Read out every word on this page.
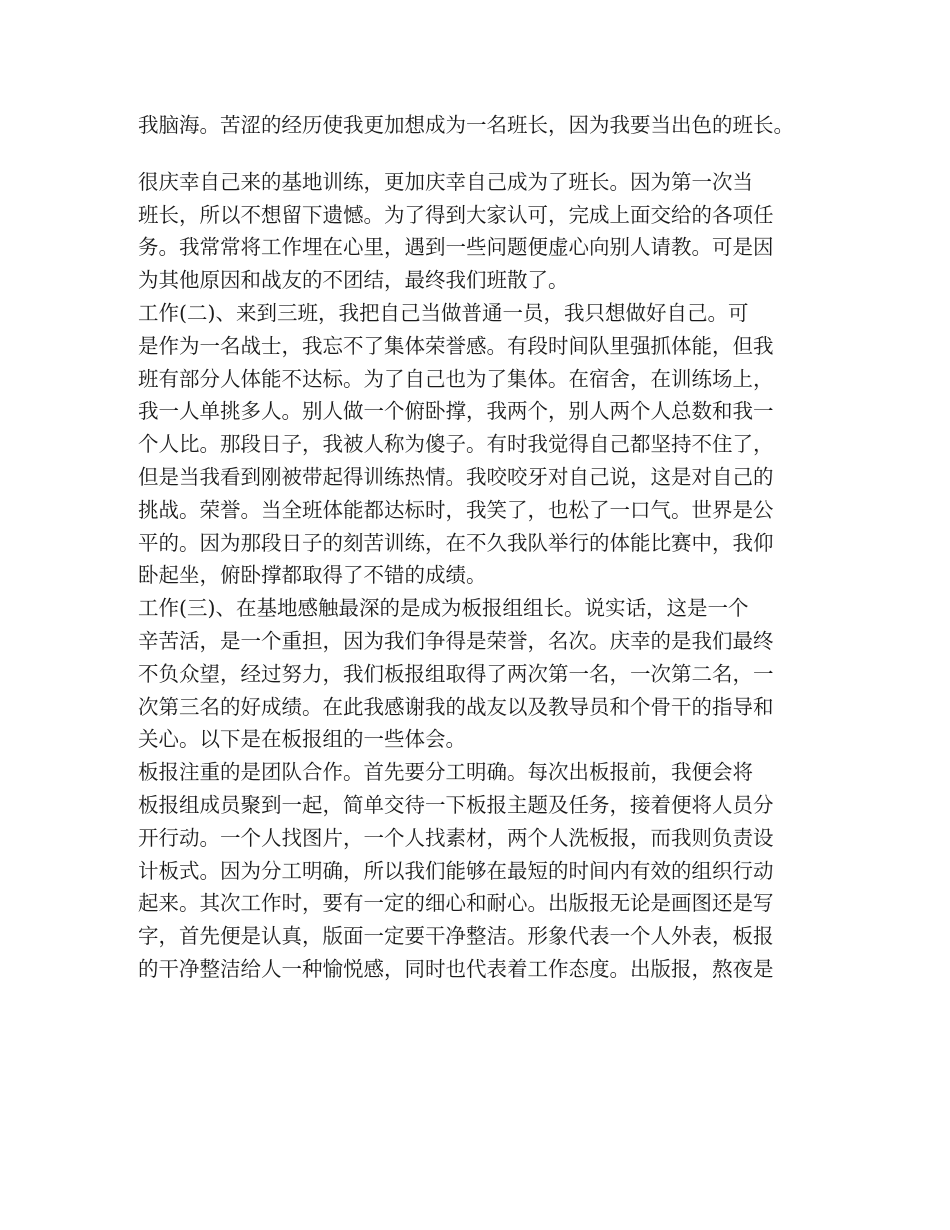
我脑海。苦涩的经历使我更加想成为一名班长，因为我要当出色的班长。
很庆幸自己来的基地训练，更加庆幸自己成为了班长。因为第一次当
班长，所以不想留下遗憾。为了得到大家认可，完成上面交给的各项任
务。我常常将工作埋在心里，遇到一些问题便虚心向别人请教。可是因
为其他原因和战友的不团结，最终我们班散了。
工作(二)、来到三班，我把自己当做普通一员，我只想做好自己。可
是作为一名战士，我忘不了集体荣誉感。有段时间队里强抓体能，但我
班有部分人体能不达标。为了自己也为了集体。在宿舍，在训练场上，
我一人单挑多人。别人做一个俯卧撑，我两个，别人两个人总数和我一
个人比。那段日子，我被人称为傻子。有时我觉得自己都坚持不住了，
但是当我看到刚被带起得训练热情。我咬咬牙对自己说，这是对自己的
挑战。荣誉。当全班体能都达标时，我笑了，也松了一口气。世界是公
平的。因为那段日子的刻苦训练，在不久我队举行的体能比赛中，我仰
卧起坐，俯卧撑都取得了不错的成绩。
工作(三)、在基地感触最深的是成为板报组组长。说实话，这是一个
辛苦活，是一个重担，因为我们争得是荣誉，名次。庆幸的是我们最终
不负众望，经过努力，我们板报组取得了两次第一名，一次第二名，一
次第三名的好成绩。在此我感谢我的战友以及教导员和个骨干的指导和
关心。以下是在板报组的一些体会。
板报注重的是团队合作。首先要分工明确。每次出板报前，我便会将
板报组成员聚到一起，简单交待一下板报主题及任务，接着便将人员分
开行动。一个人找图片，一个人找素材，两个人洗板报，而我则负责设
计板式。因为分工明确，所以我们能够在最短的时间内有效的组织行动
起来。其次工作时，要有一定的细心和耐心。出版报无论是画图还是写
字，首先便是认真，版面一定要干净整洁。形象代表一个人外表，板报
的干净整洁给人一种愉悦感，同时也代表着工作态度。出版报，熬夜是
